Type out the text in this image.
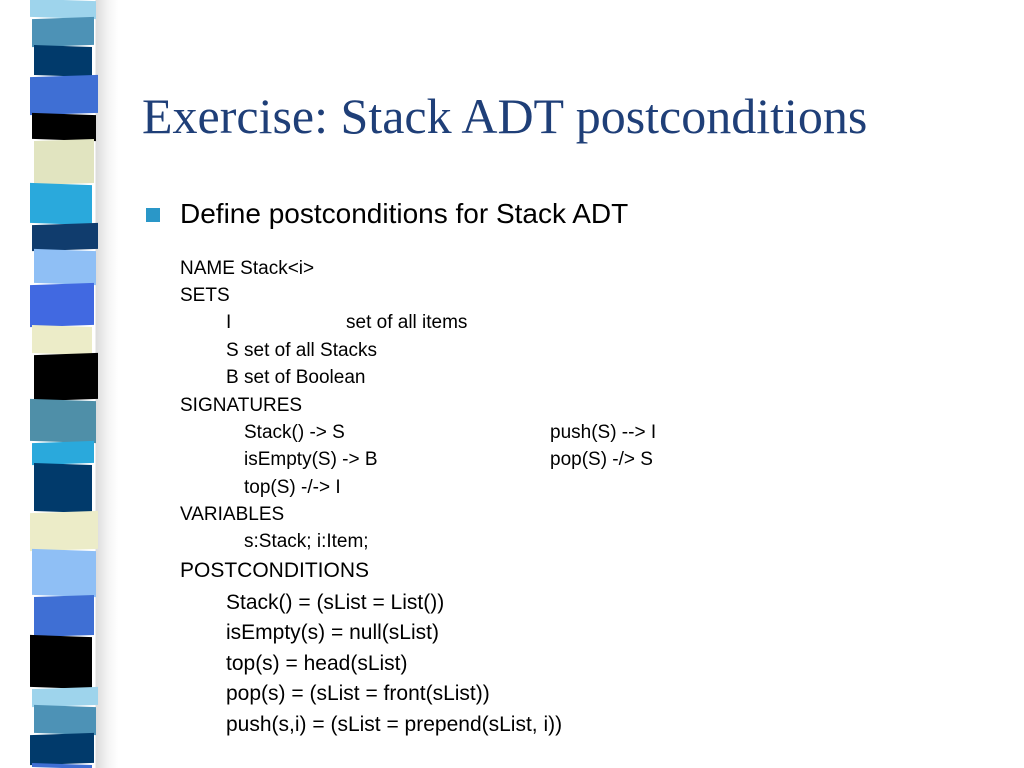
Exercise: Stack ADT postconditions
Define postconditions for Stack ADT
NAME Stack<i>
SETS
I	set of all items
S set of all Stacks
B set of Boolean
SIGNATURES
Stack() -> S	push(S) --> I
isEmpty(S) -> B	pop(S) -/> S
top(S) -/-> I
VARIABLES
s:Stack; i:Item;
POSTCONDITIONS
Stack() = (sList = List())
isEmpty(s) = null(sList)
top(s) = head(sList)
pop(s) = (sList = front(sList))
push(s,i) = (sList = prepend(sList, i))
